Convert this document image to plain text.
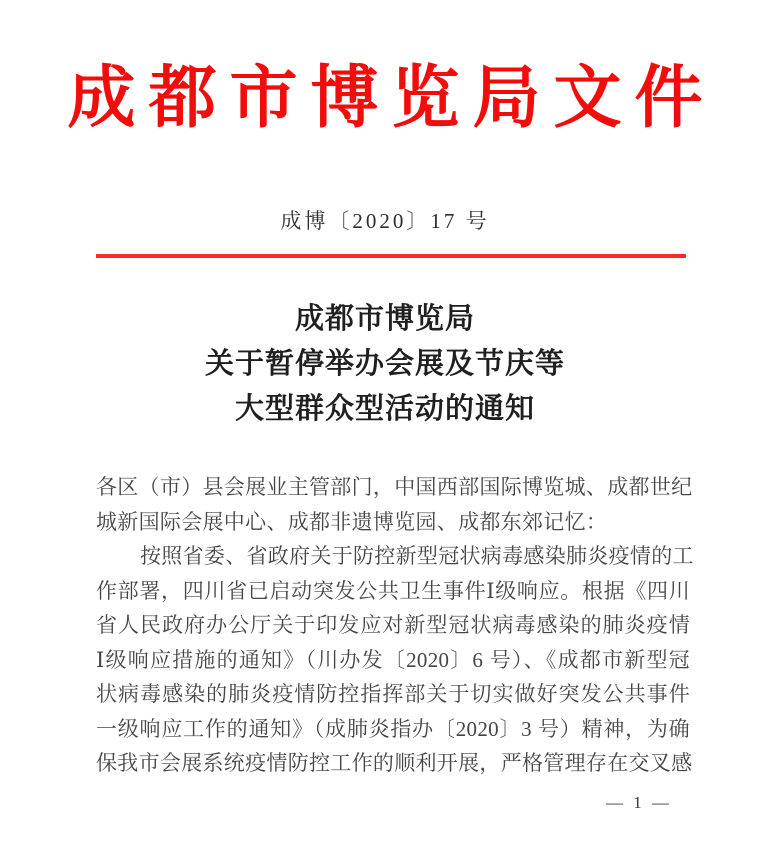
成都市博览局文件
成博〔2020〕17 号
成都市博览局
关于暂停举办会展及节庆等
大型群众型活动的通知
各区（市）县会展业主管部门，中国西部国际博览城、成都世纪
城新国际会展中心、成都非遗博览园、成都东郊记忆：
按照省委、省政府关于防控新型冠状病毒感染肺炎疫情的工
作部署，四川省已启动突发公共卫生事件Ⅰ级响应。根据《四川
省人民政府办公厅关于印发应对新型冠状病毒感染的肺炎疫情
Ⅰ级响应措施的通知》（川办发〔2020〕6 号）、《成都市新型冠
状病毒感染的肺炎疫情防控指挥部关于切实做好突发公共事件
一级响应工作的通知》（成肺炎指办〔2020〕3 号）精神，为确
保我市会展系统疫情防控工作的顺利开展，严格管理存在交叉感
— 1 —
